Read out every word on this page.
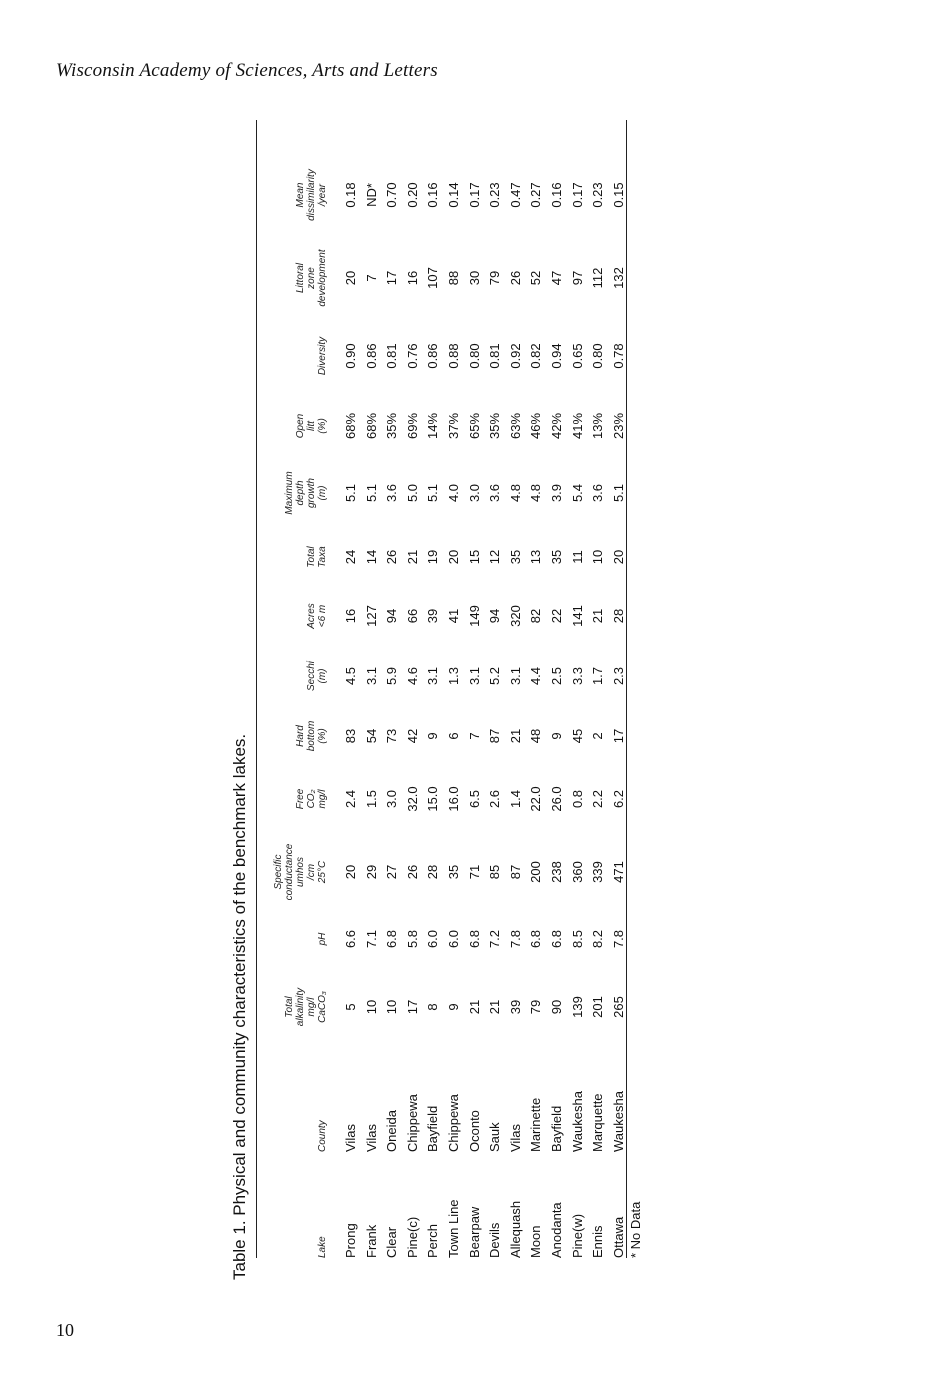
Wisconsin Academy of Sciences, Arts and Letters
Table 1. Physical and community characteristics of the benchmark lakes.	Lake
County
Total
alkalinity
mg/l
CaCO₃
pH
Specific
conductance
umhos
/cm
25°C
Free
CO₂
mg/l
Hard
bottom
(%)
Secchi
(m)
Acres
<6 m
Total
Taxa
Maximum
depth
growth
(m)
Open
litt
(%)
Diversity
Littoral
zone
development
Mean
dissimilarity
/year
Prong
Vilas
5
6.6
20
2.4
83
4.5
16
24
5.1
68%
0.90
20
0.18
Frank
Vilas
10
7.1
29
1.5
54
3.1
127
14
5.1
68%
0.86
7
ND*
Clear
Oneida
10
6.8
27
3.0
73
5.9
94
26
3.6
35%
0.81
17
0.70
Pine(c)
Chippewa
17
5.8
26
32.0
42
4.6
66
21
5.0
69%
0.76
16
0.20
Perch
Bayfield
8
6.0
28
15.0
9
3.1
39
19
5.1
14%
0.86
107
0.16
Town Line
Chippewa
9
6.0
35
16.0
6
1.3
41
20
4.0
37%
0.88
88
0.14
Bearpaw
Oconto
21
6.8
71
6.5
7
3.1
149
15
3.0
65%
0.80
30
0.17
Devils
Sauk
21
7.2
85
2.6
87
5.2
94
12
3.6
35%
0.81
79
0.23
Allequash
Vilas
39
7.8
87
1.4
21
3.1
320
35
4.8
63%
0.92
26
0.47
Moon
Marinette
79
6.8
200
22.0
48
4.4
82
13
4.8
46%
0.82
52
0.27
Anodanta
Bayfield
90
6.8
238
26.0
9
2.5
22
35
3.9
42%
0.94
47
0.16
Pine(w)
Waukesha
139
8.5
360
0.8
45
3.3
141
11
5.4
41%
0.65
97
0.17
Ennis
Marquette
201
8.2
339
2.2
2
1.7
21
10
3.6
13%
0.80
112
0.23
Ottawa
Waukesha
265
7.8
471
6.2
17
2.3
28
20
5.1
23%
0.78
132
0.15
* No Data
10
